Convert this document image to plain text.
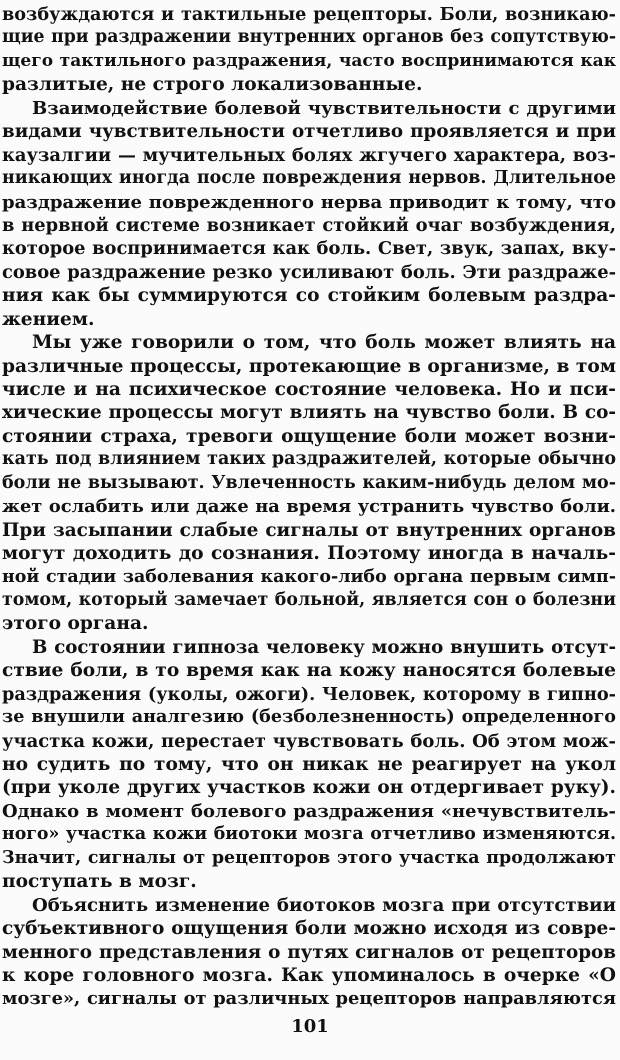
возбуждаются и тактильные рецепторы. Боли, возникаю-
щие при раздражении внутренних органов без сопутствую-
щего тактильного раздражения, часто воспринимаются как
разлитые, не строго локализованные.
Взаимодействие болевой чувствительности с другими
видами чувствительности отчетливо проявляется и при
каузалгии — мучительных болях жгучего характера, воз-
никающих иногда после повреждения нервов. Длительное
раздражение поврежденного нерва приводит к тому, что
в нервной системе возникает стойкий очаг возбуждения,
которое воспринимается как боль. Свет, звук, запах, вку-
совое раздражение резко усиливают боль. Эти раздраже-
ния как бы суммируются со стойким болевым раздра-
жением.
Мы уже говорили о том, что боль может влиять на
различные процессы, протекающие в организме, в том
числе и на психическое состояние человека. Но и пси-
хические процессы могут влиять на чувство боли. В со-
стоянии страха, тревоги ощущение боли может возни-
кать под влиянием таких раздражителей, которые обычно
боли не вызывают. Увлеченность каким-нибудь делом мо-
жет ослабить или даже на время устранить чувство боли.
При засыпании слабые сигналы от внутренних органов
могут доходить до сознания. Поэтому иногда в началь-
ной стадии заболевания какого-либо органа первым симп-
томом, который замечает больной, является сон о болезни
этого органа.
В состоянии гипноза человеку можно внушить отсут-
ствие боли, в то время как на кожу наносятся болевые
раздражения (уколы, ожоги). Человек, которому в гипно-
зе внушили аналгезию (безболезненность) определенного
участка кожи, перестает чувствовать боль. Об этом мож-
но судить по тому, что он никак не реагирует на укол
(при уколе других участков кожи он отдергивает руку).
Однако в момент болевого раздражения «нечувствитель-
ного» участка кожи биотоки мозга отчетливо изменяются.
Значит, сигналы от рецепторов этого участка продолжают
поступать в мозг.
Объяснить изменение биотоков мозга при отсутствии
субъективного ощущения боли можно исходя из совре-
менного представления о путях сигналов от рецепторов
к коре головного мозга. Как упоминалось в очерке «О
мозге», сигналы от различных рецепторов направляются
101
